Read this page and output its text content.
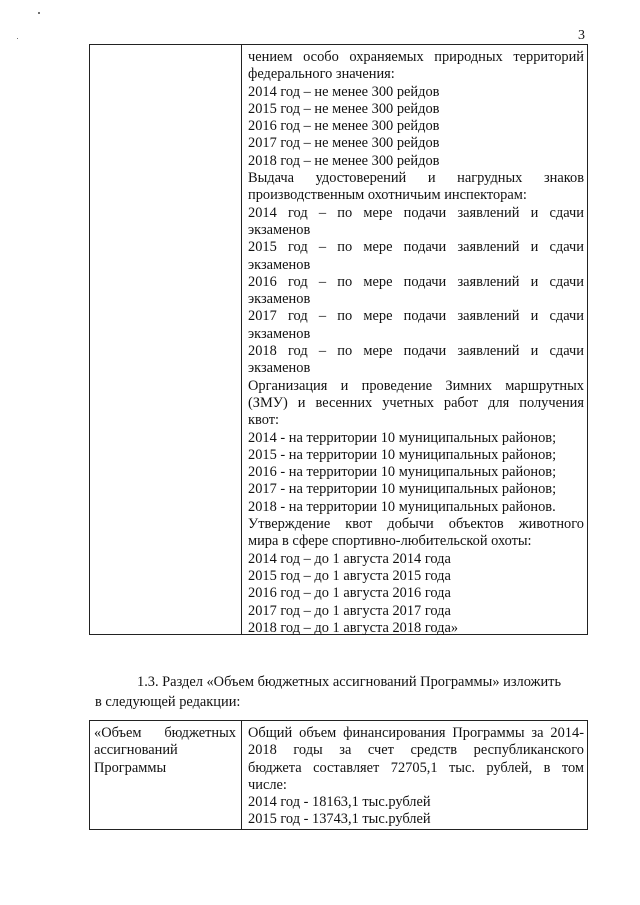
3
чением особо охраняемых природных территорий
федерального значения:
2014 год – не менее 300 рейдов
2015 год – не менее 300 рейдов
2016 год – не менее 300 рейдов
2017 год – не менее 300 рейдов
2018 год – не менее 300 рейдов
Выдача удостоверений и нагрудных знаков
производственным охотничьим инспекторам:
2014 год – по мере подачи заявлений и сдачи
экзаменов
2015 год – по мере подачи заявлений и сдачи
экзаменов
2016 год – по мере подачи заявлений и сдачи
экзаменов
2017 год – по мере подачи заявлений и сдачи
экзаменов
2018 год – по мере подачи заявлений и сдачи
экзаменов
Организация и проведение Зимних маршрутных
(ЗМУ) и весенних учетных работ для получения
квот:
2014 - на территории 10 муниципальных районов;
2015 - на территории 10 муниципальных районов;
2016 - на территории 10 муниципальных районов;
2017 - на территории 10 муниципальных районов;
2018 - на территории 10 муниципальных районов.
Утверждение квот добычи объектов животного
мира в сфере спортивно-любительской охоты:
2014 год – до 1 августа 2014 года
2015 год – до 1 августа 2015 года
2016 год – до 1 августа 2016 года
2017 год – до 1 августа 2017 года
2018 год – до 1 августа 2018 года»
1.3. Раздел «Объем бюджетных ассигнований Программы» изложить
в следующей редакции:
«Объем бюджетных
ассигнований
Программы
Общий объем финансирования Программы за 2014-
2018 годы за счет средств республиканского
бюджета составляет 72705,1 тыс. рублей, в том
числе:
2014 год - 18163,1 тыс.рублей
2015 год - 13743,1 тыс.рублей
